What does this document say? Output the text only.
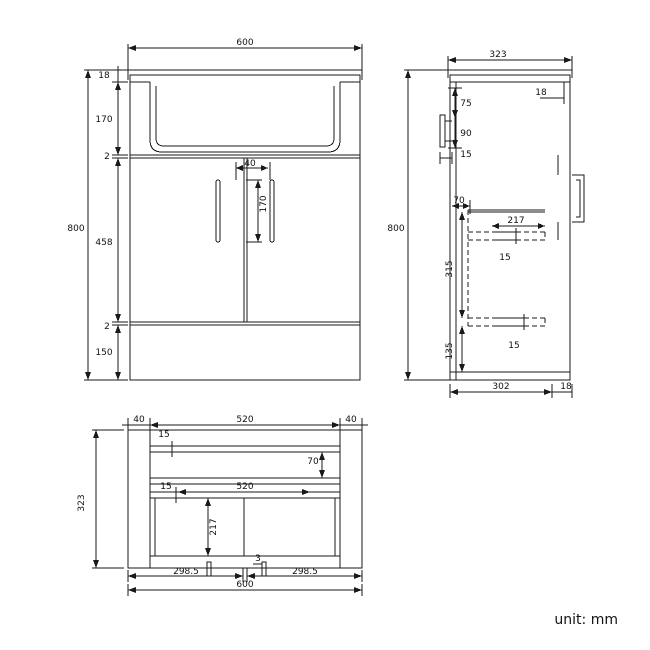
600
18
170
2
458
2
150
800
40
170
323
75
90
15
18
70
217
15
15
800
315
135
302	18
40	40
520
15
70
15	520
217
323
298.5
3
298.5
600
unit: mm
